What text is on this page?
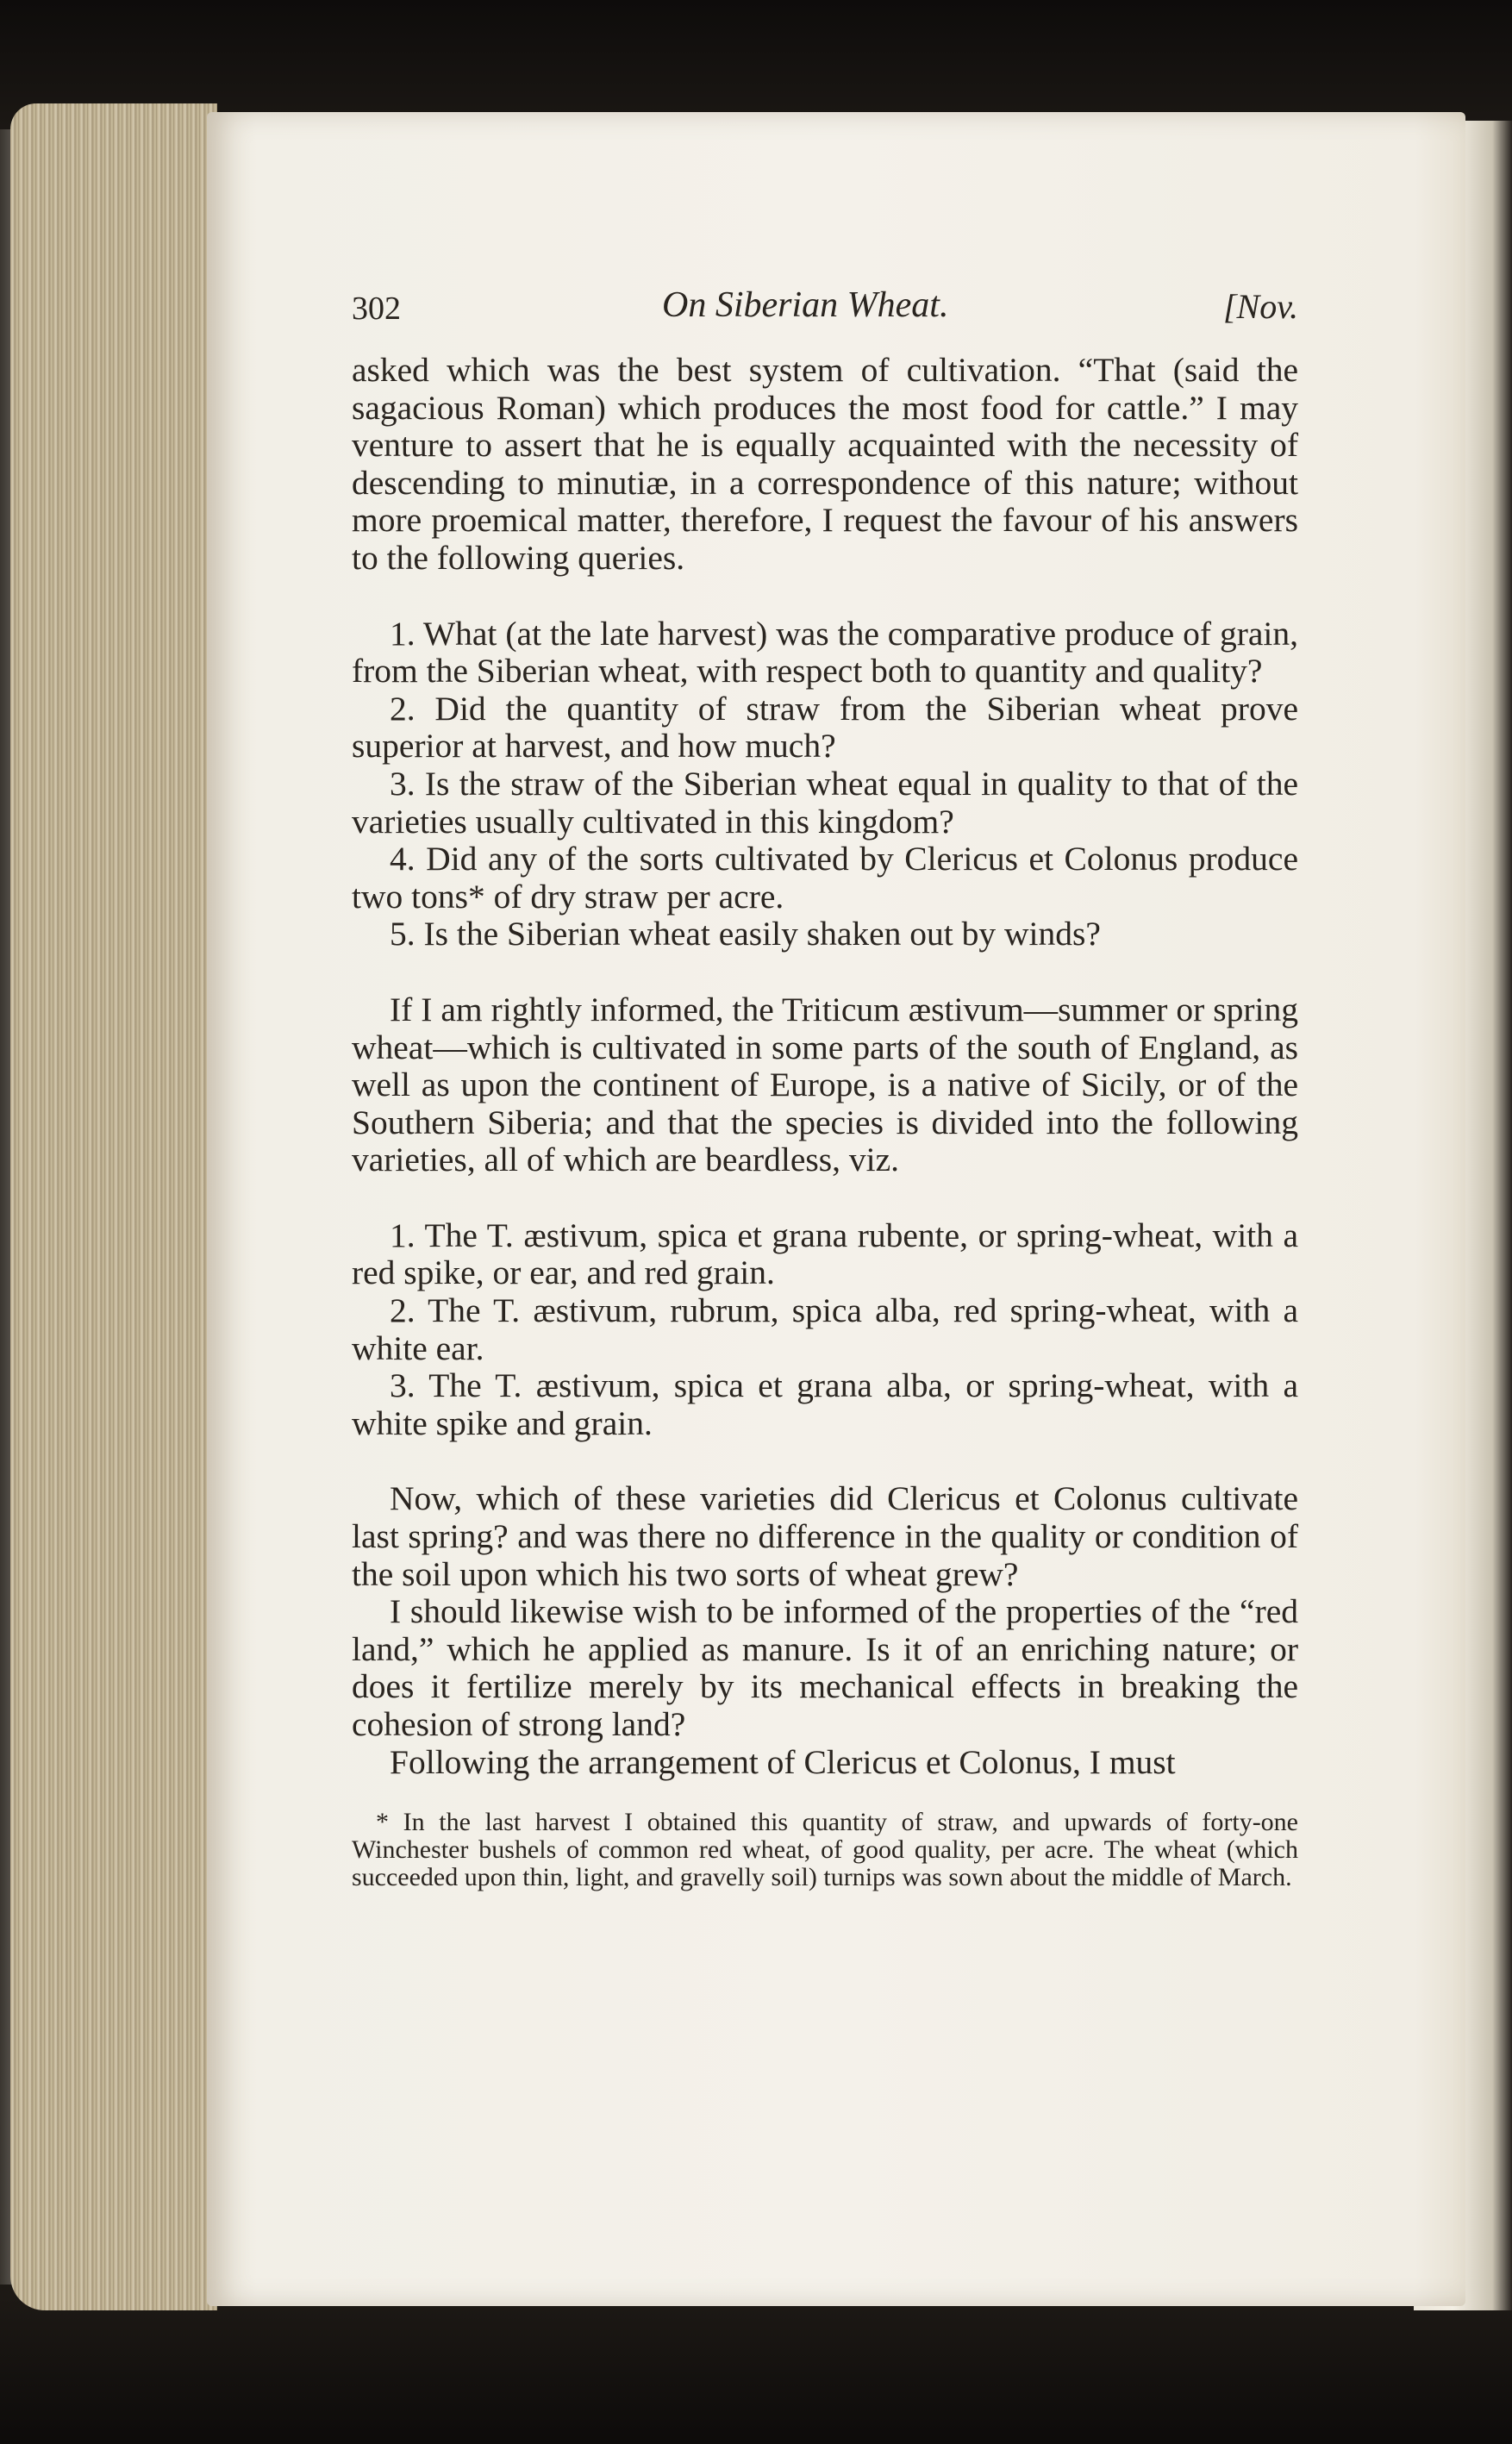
302	On Siberian Wheat.	[Nov.

asked which was the best system of cultivation. “That (said the sagacious Roman) which produces the most food for cattle.” I may venture to assert that he is equally acquainted with the necessity of descending to minutiæ, in a correspondence of this nature; without more proemical matter, therefore, I request the favour of his answers to the following queries.

1. What (at the late harvest) was the comparative produce of grain, from the Siberian wheat, with respect both to quantity and quality?

2. Did the quantity of straw from the Siberian wheat prove superior at harvest, and how much?

3. Is the straw of the Siberian wheat equal in quality to that of the varieties usually cultivated in this kingdom?

4. Did any of the sorts cultivated by Clericus et Colonus produce two tons* of dry straw per acre.

5. Is the Siberian wheat easily shaken out by winds?

If I am rightly informed, the Triticum æstivum—summer or spring wheat—which is cultivated in some parts of the south of England, as well as upon the continent of Europe, is a native of Sicily, or of the Southern Siberia; and that the species is divided into the following varieties, all of which are beardless, viz.

1. The T. æstivum, spica et grana rubente, or spring-wheat, with a red spike, or ear, and red grain.

2. The T. æstivum, rubrum, spica alba, red spring-wheat, with a white ear.

3. The T. æstivum, spica et grana alba, or spring-wheat, with a white spike and grain.

Now, which of these varieties did Clericus et Colonus cultivate last spring? and was there no difference in the quality or condition of the soil upon which his two sorts of wheat grew?

I should likewise wish to be informed of the properties of the “red land,” which he applied as manure. Is it of an enriching nature; or does it fertilize merely by its mechanical effects in breaking the cohesion of strong land?

Following the arrangement of Clericus et Colonus, I must

* In the last harvest I obtained this quantity of straw, and upwards of forty-one Winchester bushels of common red wheat, of good quality, per acre. The wheat (which succeeded upon thin, light, and gravelly soil) turnips was sown about the middle of March.
